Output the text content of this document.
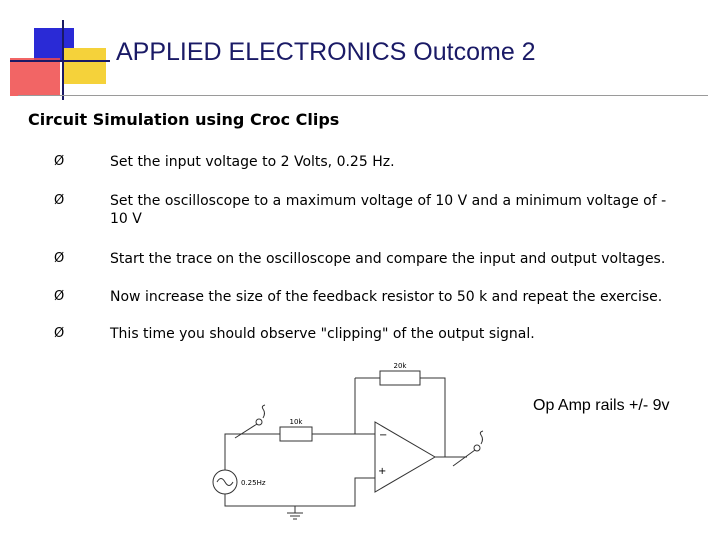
APPLIED ELECTRONICS Outcome 2
Circuit Simulation using Croc Clips
Ø	Set the input voltage to 2 Volts, 0.25 Hz.
Ø	Set the oscilloscope to a maximum voltage of 10 V and a minimum voltage of - 10 V
Ø	Start the trace on the oscilloscope and compare the input and output voltages.
Ø	Now increase the size of the feedback resistor to 50 k and repeat the exercise.
Ø	This time you should observe "clipping" of the output signal.
20k
10k
0.25Hz
−
+
Op Amp rails +/- 9v
